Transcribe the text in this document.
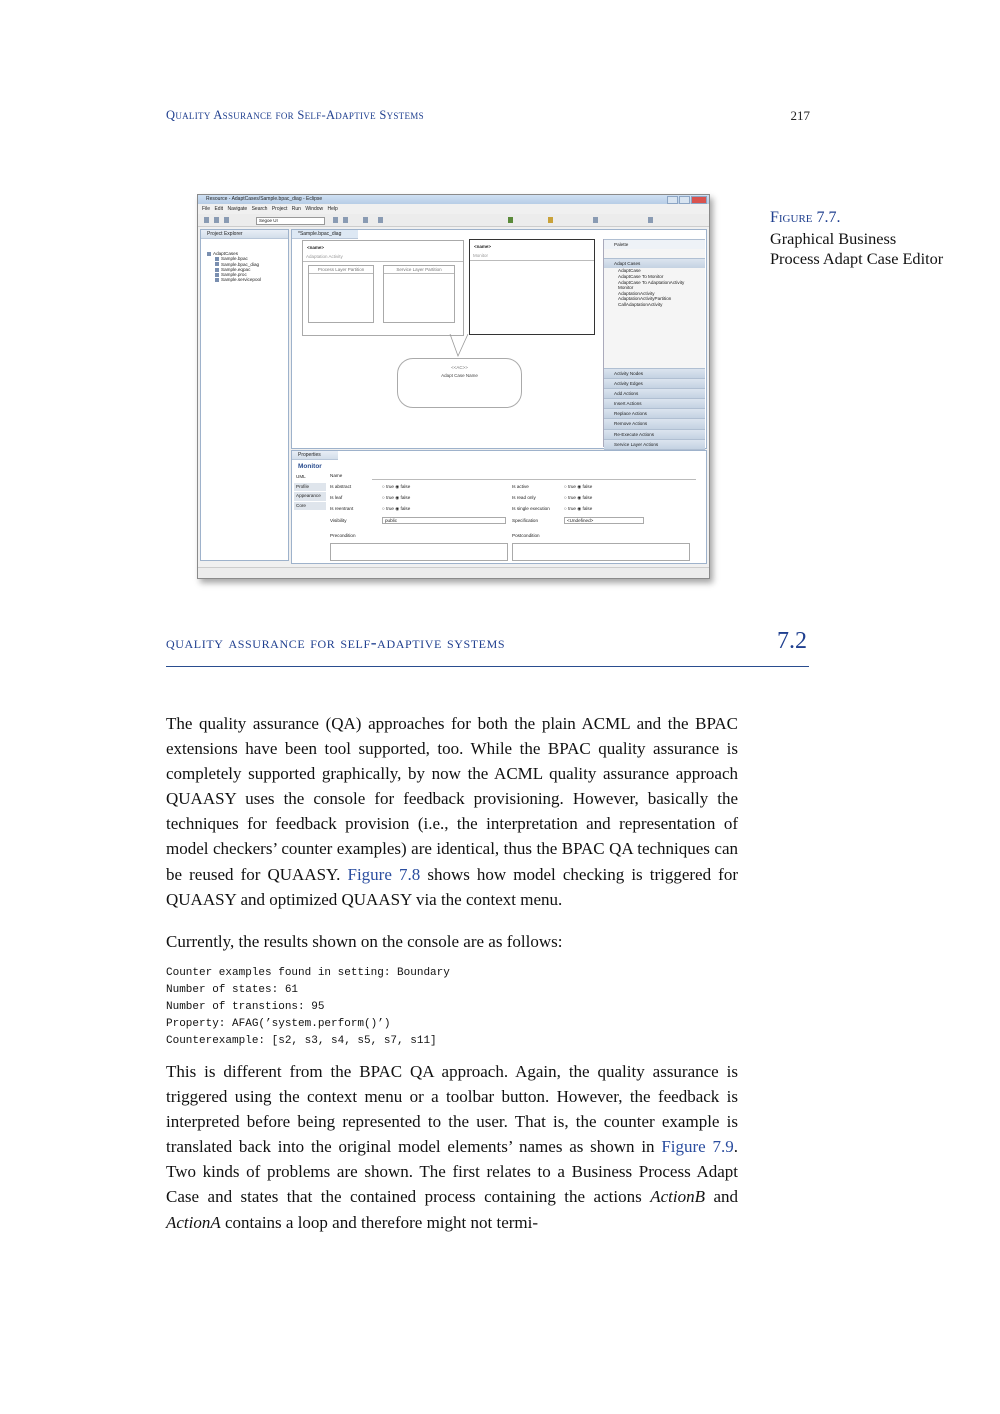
Quality Assurance for Self-Adaptive Systems	217
Resource - AdaptCases/Sample.bpac_diag - Eclipse
File Edit Navigate Search Project Run Window Help
Segoe UI
Project Explorer
AdaptCases
Sample.bpac
Sample.bpac_diag
Sample.eqpac
Sample.proc
Sample.servicepool
*Sample.bpac_diag
<name>
Adaptation Activity
Process Layer Partition	Service Layer Partition
<name>
Monitor
<<AC>>
Adapt Case Name
Palette
Adapt Cases
AdaptCase
AdaptCase To Monitor
AdaptCase To AdaptationActivity
Monitor
AdaptationActivity
AdaptationActivityPartition
CallAdaptationActivity
Activity Nodes
Activity Edges
Add Actions
Insert Actions
Replace Actions
Remove Actions
Re-Execute Actions
Service Layer Actions
Properties
Monitor
UML
Profile
Appearance
Core
Name
Is abstract
Is leaf
Is reentrant
○ true ◉ false
○ true ◉ false
○ true ◉ false
Is active
Is read only
Is single execution
○ true ◉ false
○ true ◉ false
○ true ◉ false
Visibility	public	Specification	<Undefined>
Precondition	Postcondition
Figure 7.7.
Graphical Business Process Adapt Case Editor
quality assurance for self-adaptive systems	7.2
The quality assurance (QA) approaches for both the plain ACML and the BPAC extensions have been tool supported, too. While the BPAC quality assurance is completely supported graphically, by now the ACML quality assurance approach QUAASY uses the console for feedback provisioning. However, basically the techniques for feedback provision (i.e., the interpretation and representation of model checkers’ counter examples) are identical, thus the BPAC QA techniques can be reused for QUAASY. Figure 7.8 shows how model checking is triggered for QUAASY and optimized QUAASY via the context menu.
Currently, the results shown on the console are as follows:
Counter examples found in setting: Boundary
Number of states: 61
Number of transtions: 95
Property: AFAG(’system.perform()’)
Counterexample: [s2, s3, s4, s5, s7, s11]
This is different from the BPAC QA approach. Again, the quality assurance is triggered using the context menu or a toolbar button. However, the feedback is interpreted before being represented to the user. That is, the counter example is translated back into the original model elements’ names as shown in Figure 7.9. Two kinds of problems are shown. The first relates to a Business Process Adapt Case and states that the contained process containing the actions ActionB and ActionA contains a loop and therefore might not termi-
